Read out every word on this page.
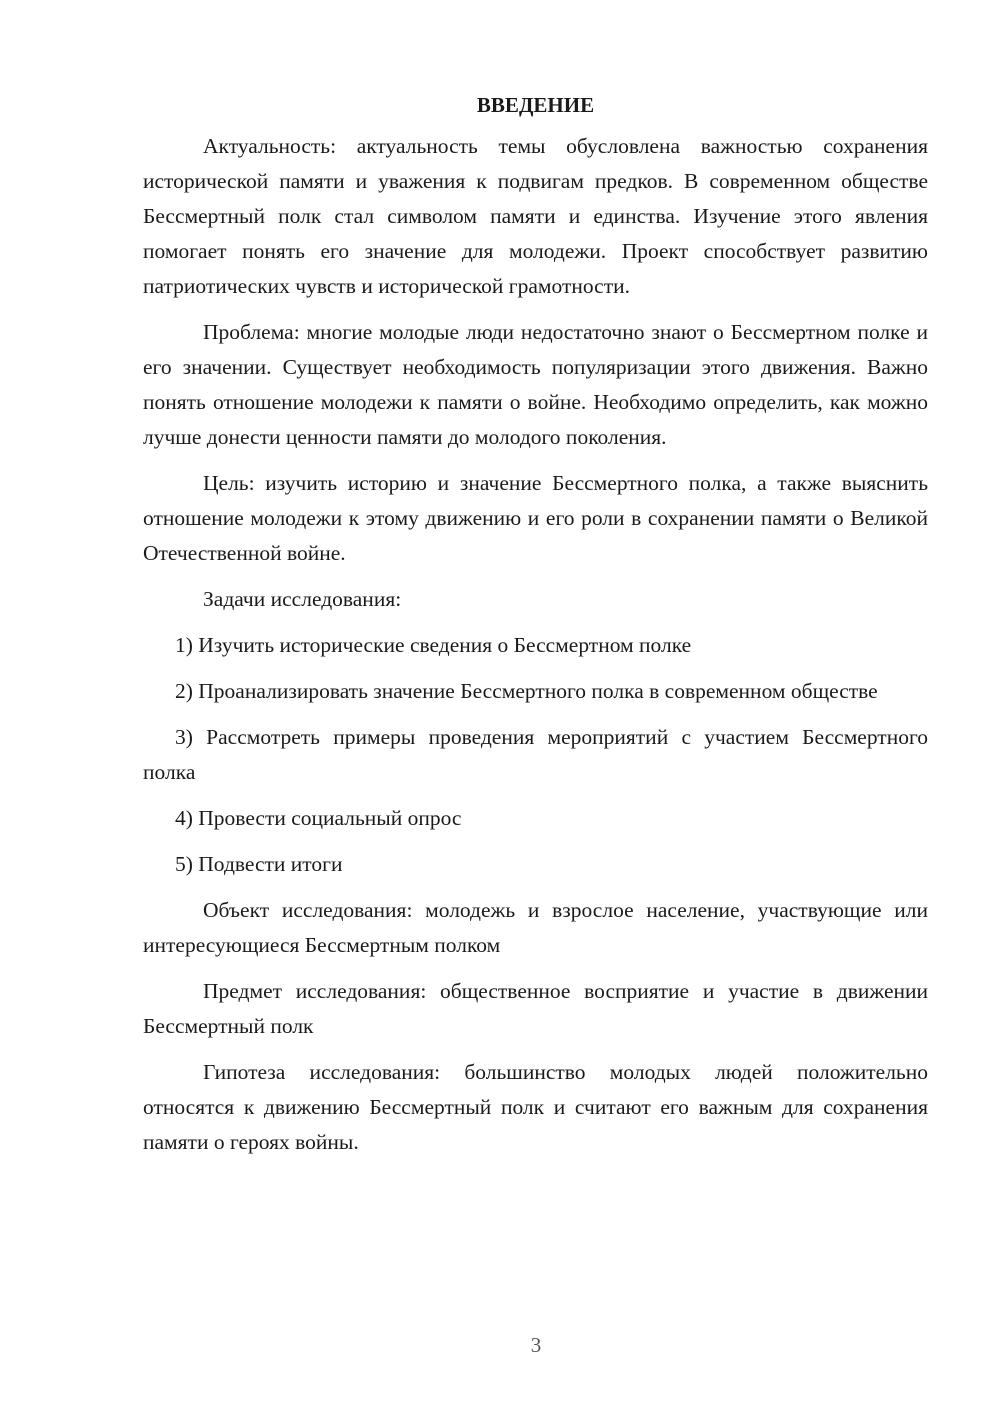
ВВЕДЕНИЕ

Актуальность: актуальность темы обусловлена важностью сохранения исторической памяти и уважения к подвигам предков. В современном обществе Бессмертный полк стал символом памяти и единства. Изучение этого явления помогает понять его значение для молодежи. Проект способствует развитию патриотических чувств и исторической грамотности.

Проблема: многие молодые люди недостаточно знают о Бессмертном полке и его значении. Существует необходимость популяризации этого движения. Важно понять отношение молодежи к памяти о войне. Необходимо определить, как можно лучше донести ценности памяти до молодого поколения.

Цель: изучить историю и значение Бессмертного полка, а также выяснить отношение молодежи к этому движению и его роли в сохранении памяти о Великой Отечественной войне.

Задачи исследования:

1) Изучить исторические сведения о Бессмертном полке

2) Проанализировать значение Бессмертного полка в современном обществе

3) Рассмотреть примеры проведения мероприятий с участием Бессмертного полка

4) Провести социальный опрос

5) Подвести итоги

Объект исследования: молодежь и взрослое население, участвующие или интересующиеся Бессмертным полком

Предмет исследования: общественное восприятие и участие в движении Бессмертный полк

Гипотеза исследования: большинство молодых людей положительно относятся к движению Бессмертный полк и считают его важным для сохранения памяти о героях войны.

3
